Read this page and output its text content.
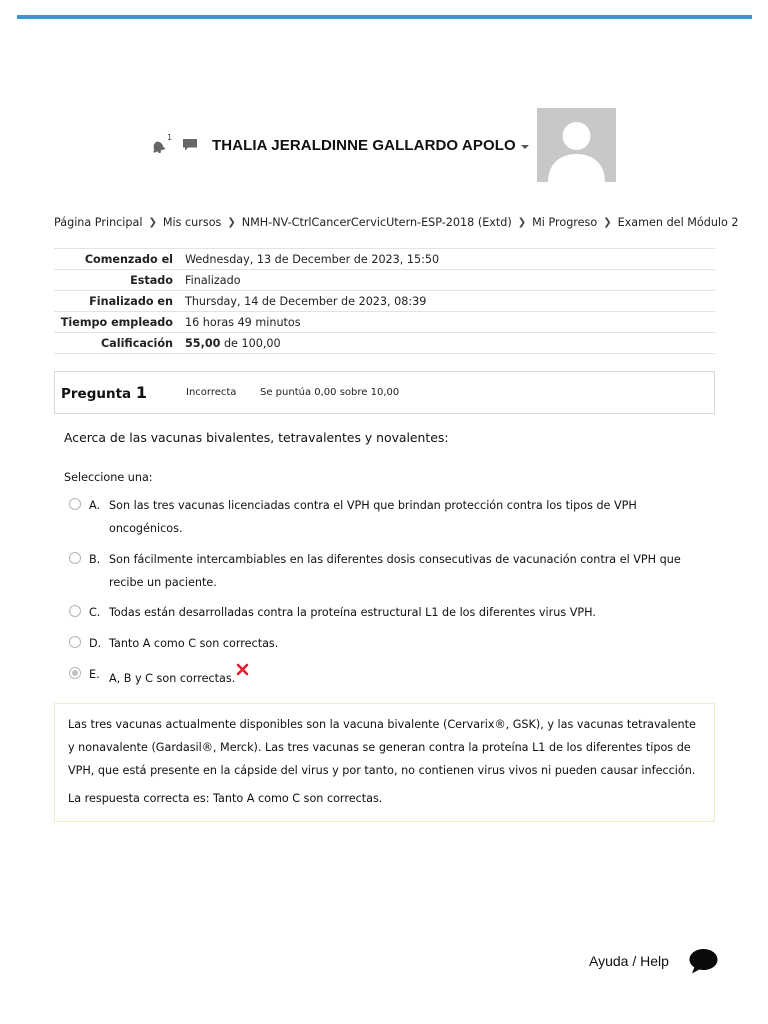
1	THALIA JERALDINNE GALLARDO APOLO
Página Principal ❯ Mis cursos ❯ NMH-NV-CtrlCancerCervicUtern-ESP-2018 (Extd) ❯ Mi Progreso ❯ Examen del Módulo 2
Comenzado el	Wednesday, 13 de December de 2023, 15:50
Estado	Finalizado
Finalizado en	Thursday, 14 de December de 2023, 08:39
Tiempo empleado	16 horas 49 minutos
Calificación	55,00 de 100,00
Pregunta 1	Incorrecta	Se puntúa 0,00 sobre 10,00
Acerca de las vacunas bivalentes, tetravalentes y novalentes:
Seleccione una:
A. Son las tres vacunas licenciadas contra el VPH que brindan protección contra los tipos de VPH oncogénicos.
B. Son fácilmente intercambiables en las diferentes dosis consecutivas de vacunación contra el VPH que recibe un paciente.
C. Todas están desarrolladas contra la proteína estructural L1 de los diferentes virus VPH.
D. Tanto A como C son correctas.
E. A, B y C son correctas.

Las tres vacunas actualmente disponibles son la vacuna bivalente (Cervarix®, GSK), y las vacunas tetravalente y nonavalente (Gardasil®, Merck). Las tres vacunas se generan contra la proteína L1 de los diferentes tipos de VPH, que está presente en la cápside del virus y por tanto, no contienen virus vivos ni pueden causar infección.

La respuesta correcta es: Tanto A como C son correctas.

Ayuda / Help
